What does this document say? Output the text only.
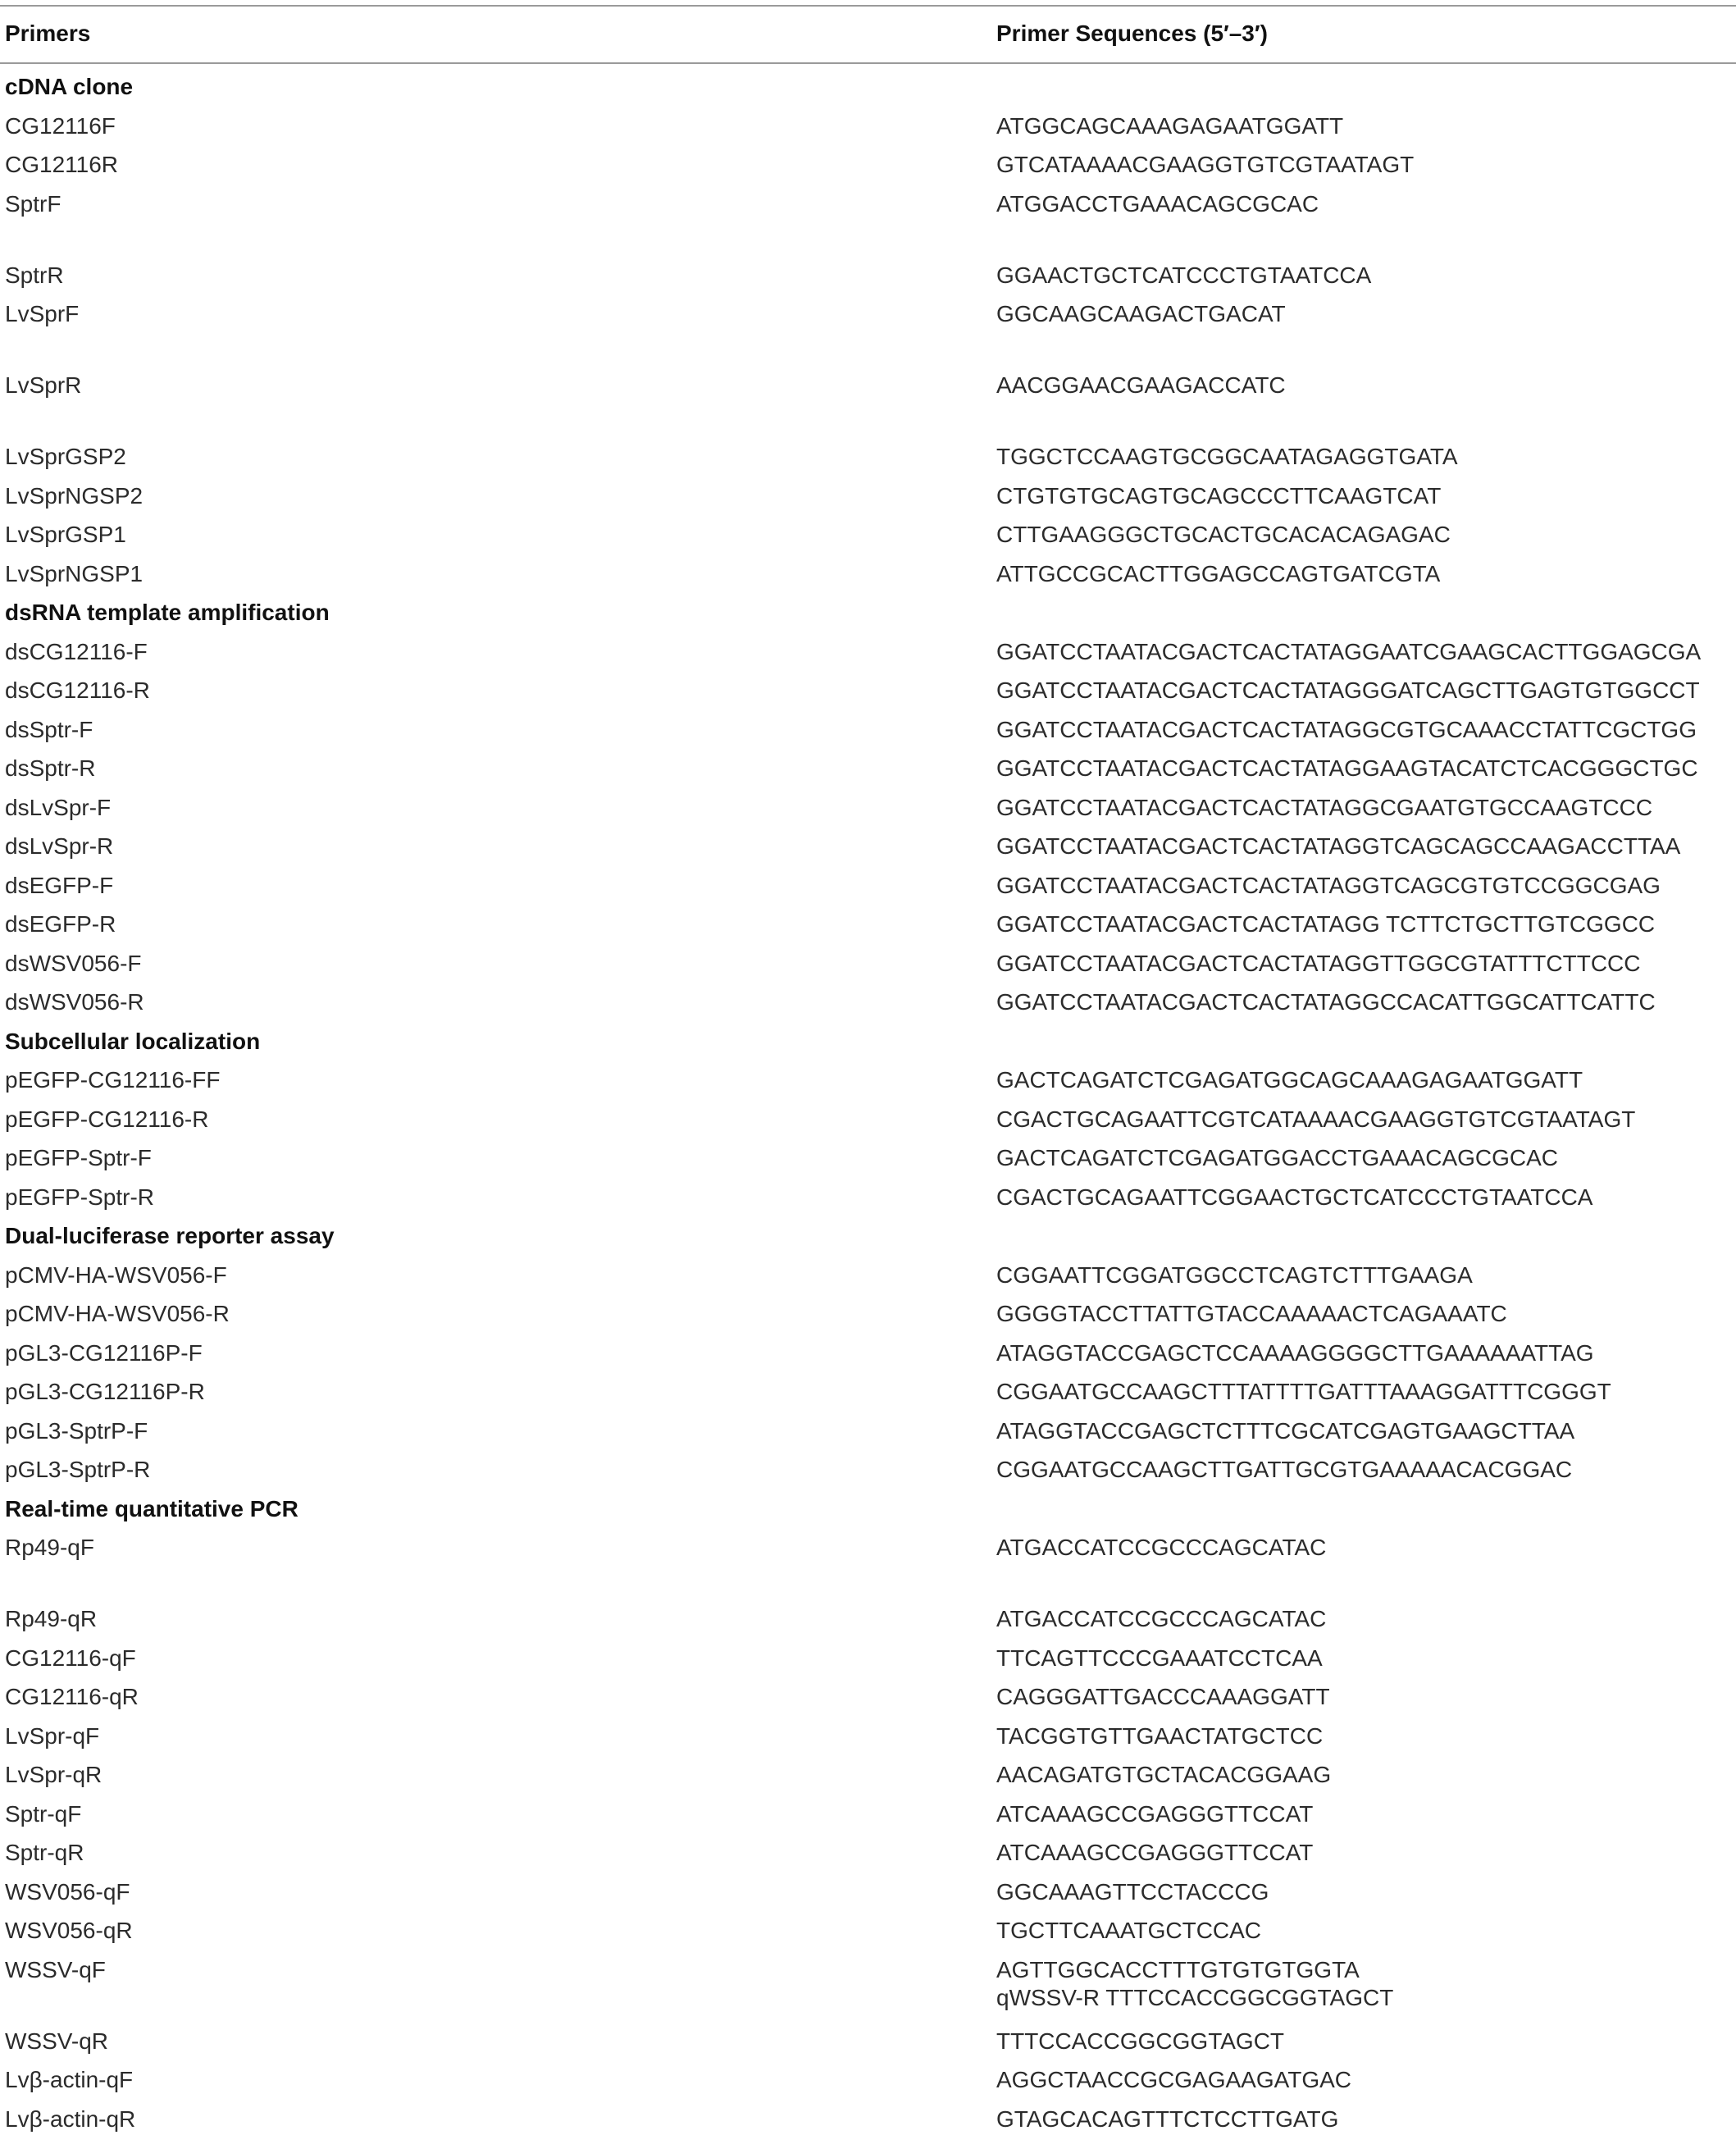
Primers	Primer Sequences (5′–3′)
cDNA clone
CG12116F	ATGGCAGCAAAGAGAATGGATT
CG12116R	GTCATAAAACGAAGGTGTCGTAATAGT
SptrF	ATGGACCTGAAACAGCGCAC
SptrR	GGAACTGCTCATCCCTGTAATCCA
LvSprF	GGCAAGCAAGACTGACAT
LvSprR	AACGGAACGAAGACCATC
LvSprGSP2	TGGCTCCAAGTGCGGCAATAGAGGTGATA
LvSprNGSP2	CTGTGTGCAGTGCAGCCCTTCAAGTCAT
LvSprGSP1	CTTGAAGGGCTGCACTGCACACAGAGAC
LvSprNGSP1	ATTGCCGCACTTGGAGCCAGTGATCGTA
dsRNA template amplification
dsCG12116-F	GGATCCTAATACGACTCACTATAGGAATCGAAGCACTTGGAGCGA
dsCG12116-R	GGATCCTAATACGACTCACTATAGGGATCAGCTTGAGTGTGGCCT
dsSptr-F	GGATCCTAATACGACTCACTATAGGCGTGCAAACCTATTCGCTGG
dsSptr-R	GGATCCTAATACGACTCACTATAGGAAGTACATCTCACGGGCTGC
dsLvSpr-F	GGATCCTAATACGACTCACTATAGGCGAATGTGCCAAGTCCC
dsLvSpr-R	GGATCCTAATACGACTCACTATAGGTCAGCAGCCAAGACCTTAA
dsEGFP-F	GGATCCTAATACGACTCACTATAGGTCAGCGTGTCCGGCGAG
dsEGFP-R	GGATCCTAATACGACTCACTATAGG TCTTCTGCTTGTCGGCC
dsWSV056-F	GGATCCTAATACGACTCACTATAGGTTGGCGTATTTCTTCCC
dsWSV056-R	GGATCCTAATACGACTCACTATAGGCCACATTGGCATTCATTC
Subcellular localization
pEGFP-CG12116-FF	GACTCAGATCTCGAGATGGCAGCAAAGAGAATGGATT
pEGFP-CG12116-R	CGACTGCAGAATTCGTCATAAAACGAAGGTGTCGTAATAGT
pEGFP-Sptr-F	GACTCAGATCTCGAGATGGACCTGAAACAGCGCAC
pEGFP-Sptr-R	CGACTGCAGAATTCGGAACTGCTCATCCCTGTAATCCA
Dual-luciferase reporter assay
pCMV-HA-WSV056-F	CGGAATTCGGATGGCCTCAGTCTTTGAAGA
pCMV-HA-WSV056-R	GGGGTACCTTATTGTACCAAAAACTCAGAAATC
pGL3-CG12116P-F	ATAGGTACCGAGCTCCAAAAGGGGCTTGAAAAAATTAG
pGL3-CG12116P-R	CGGAATGCCAAGCTTTATTTTGATTTAAAGGATTTCGGGT
pGL3-SptrP-F	ATAGGTACCGAGCTCTTTCGCATCGAGTGAAGCTTAA
pGL3-SptrP-R	CGGAATGCCAAGCTTGATTGCGTGAAAAACACGGAC
Real-time quantitative PCR
Rp49-qF	ATGACCATCCGCCCAGCATAC
Rp49-qR	ATGACCATCCGCCCAGCATAC
CG12116-qF	TTCAGTTCCCGAAATCCTCAA
CG12116-qR	CAGGGATTGACCCAAAGGATT
LvSpr-qF	TACGGTGTTGAACTATGCTCC
LvSpr-qR	AACAGATGTGCTACACGGAAG
Sptr-qF	ATCAAAGCCGAGGGTTCCAT
Sptr-qR	ATCAAAGCCGAGGGTTCCAT
WSV056-qF	GGCAAAGTTCCTACCCG
WSV056-qR	TGCTTCAAATGCTCCAC
WSSV-qF	AGTTGGCACCTTTGTGTGTGGTA
qWSSV-R TTTCCACCGGCGGTAGCT
WSSV-qR	TTTCCACCGGCGGTAGCT
Lvβ-actin-qF	AGGCTAACCGCGAGAAGATGAC
Lvβ-actin-qR	GTAGCACAGTTTCTCCTTGATG
